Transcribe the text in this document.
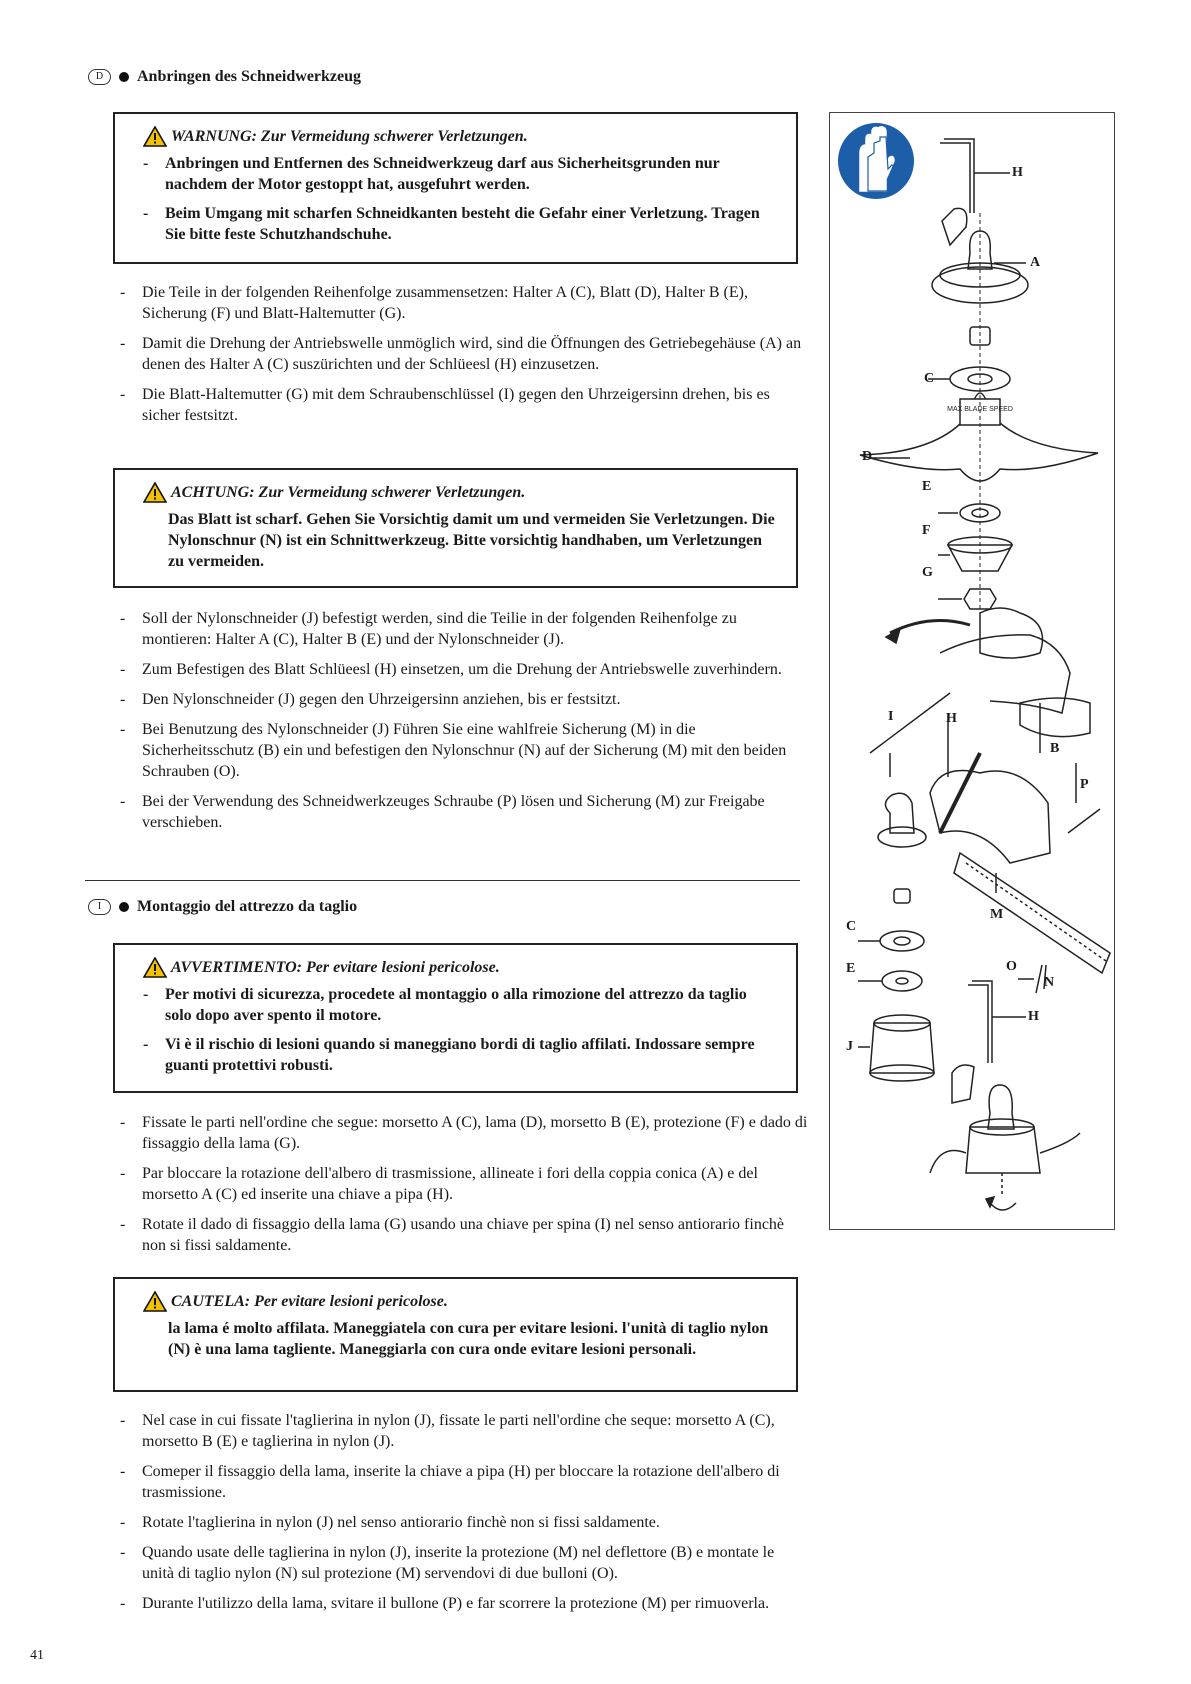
D	Anbringen des Schneidwerkzeug
WARNUNG: Zur Vermeidung schwerer Verletzungen.
-	Anbringen und Entfernen des Schneidwerkzeug darf aus Sicherheitsgrunden nur nachdem der Motor gestoppt hat, ausgefuhrt werden.
-	Beim Umgang mit scharfen Schneidkanten besteht die Gefahr einer Verletzung. Tragen Sie bitte feste Schutzhandschuhe.
-	Die Teile in der folgenden Reihenfolge zusammensetzen: Halter A (C), Blatt (D), Halter B (E), Sicherung (F) und Blatt-Haltemutter (G).
-	Damit die Drehung der Antriebswelle unmöglich wird, sind die Öffnungen des Getriebegehäuse (A) an denen des Halter A (C) suszürichten und der Schlüeesl (H) einzusetzen.
-	Die Blatt-Haltemutter (G) mit dem Schraubenschlüssel (I) gegen den Uhrzeigersinn drehen, bis es sicher festsitzt.
ACHTUNG: Zur Vermeidung schwerer Verletzungen.
Das Blatt ist scharf. Gehen Sie Vorsichtig damit um und vermeiden Sie Verletzungen. Die Nylonschnur (N) ist ein Schnittwerkzeug. Bitte vorsichtig handhaben, um Verletzungen zu vermeiden.
-	Soll der Nylonschneider (J) befestigt werden, sind die Teilie in der folgenden Reihenfolge zu montieren: Halter A (C), Halter B (E) und der Nylonschneider (J).
-	Zum Befestigen des Blatt Schlüeesl (H) einsetzen, um die Drehung der Antriebswelle zuverhindern.
-	Den Nylonschneider (J) gegen den Uhrzeigersinn anziehen, bis er festsitzt.
-	Bei Benutzung des Nylonschneider (J) Führen Sie eine wahlfreie Sicherung (M) in die Sicherheitsschutz (B) ein und befestigen den Nylonschnur (N) auf der Sicherung (M) mit den beiden Schrauben (O).
-	Bei der Verwendung des Schneidwerkzeuges Schraube (P) lösen und Sicherung (M) zur Freigabe verschieben.
I	Montaggio del attrezzo da taglio
AVVERTIMENTO: Per evitare lesioni pericolose.
-	Per motivi di sicurezza, procedete al montaggio o alla rimozione del attrezzo da taglio solo dopo aver spento il motore.
-	Vi è il rischio di lesioni quando si maneggiano bordi di taglio affilati. Indossare sempre guanti protettivi robusti.
-	Fissate le parti nell'ordine che segue: morsetto A (C), lama (D), morsetto B (E), protezione (F) e dado di fissaggio della lama (G).
-	Par bloccare la rotazione dell'albero di trasmissione, allineate i fori della coppia conica (A) e del morsetto A (C) ed inserite una chiave a pipa (H).
-	Rotate il dado di fissaggio della lama (G) usando una chiave per spina (I) nel senso antiorario finchè non si fissi saldamente.
CAUTELA: Per evitare lesioni pericolose.
la lama é molto affilata. Maneggiatela con cura per evitare lesioni. l'unità di taglio nylon (N) è una lama tagliente. Maneggiarla con cura onde evitare lesioni personali.
-	Nel case in cui fissate l'taglierina in nylon (J), fissate le parti nell'ordine che seque: morsetto A (C), morsetto B (E) e taglierina in nylon (J).
-	Comeper il fissaggio della lama, inserite la chiave a pipa (H) per bloccare la rotazione dell'albero di trasmissione.
-	Rotate l'taglierina in nylon (J) nel senso antiorario finchè non si fissi saldamente.
-	Quando usate delle taglierina in nylon (J), inserite la protezione (M) nel deflettore (B) e montate le unità di taglio nylon (N) sul protezione (M) servendovi di due bulloni (O).
-	Durante l'utilizzo della lama, svitare il bullone (P) e far scorrere la protezione (M) per rimuoverla.
41
MAX BLADE SPEED
H
A
C
D
E
F
G
I	H
B
P
M
C
O
N
E
H
J
